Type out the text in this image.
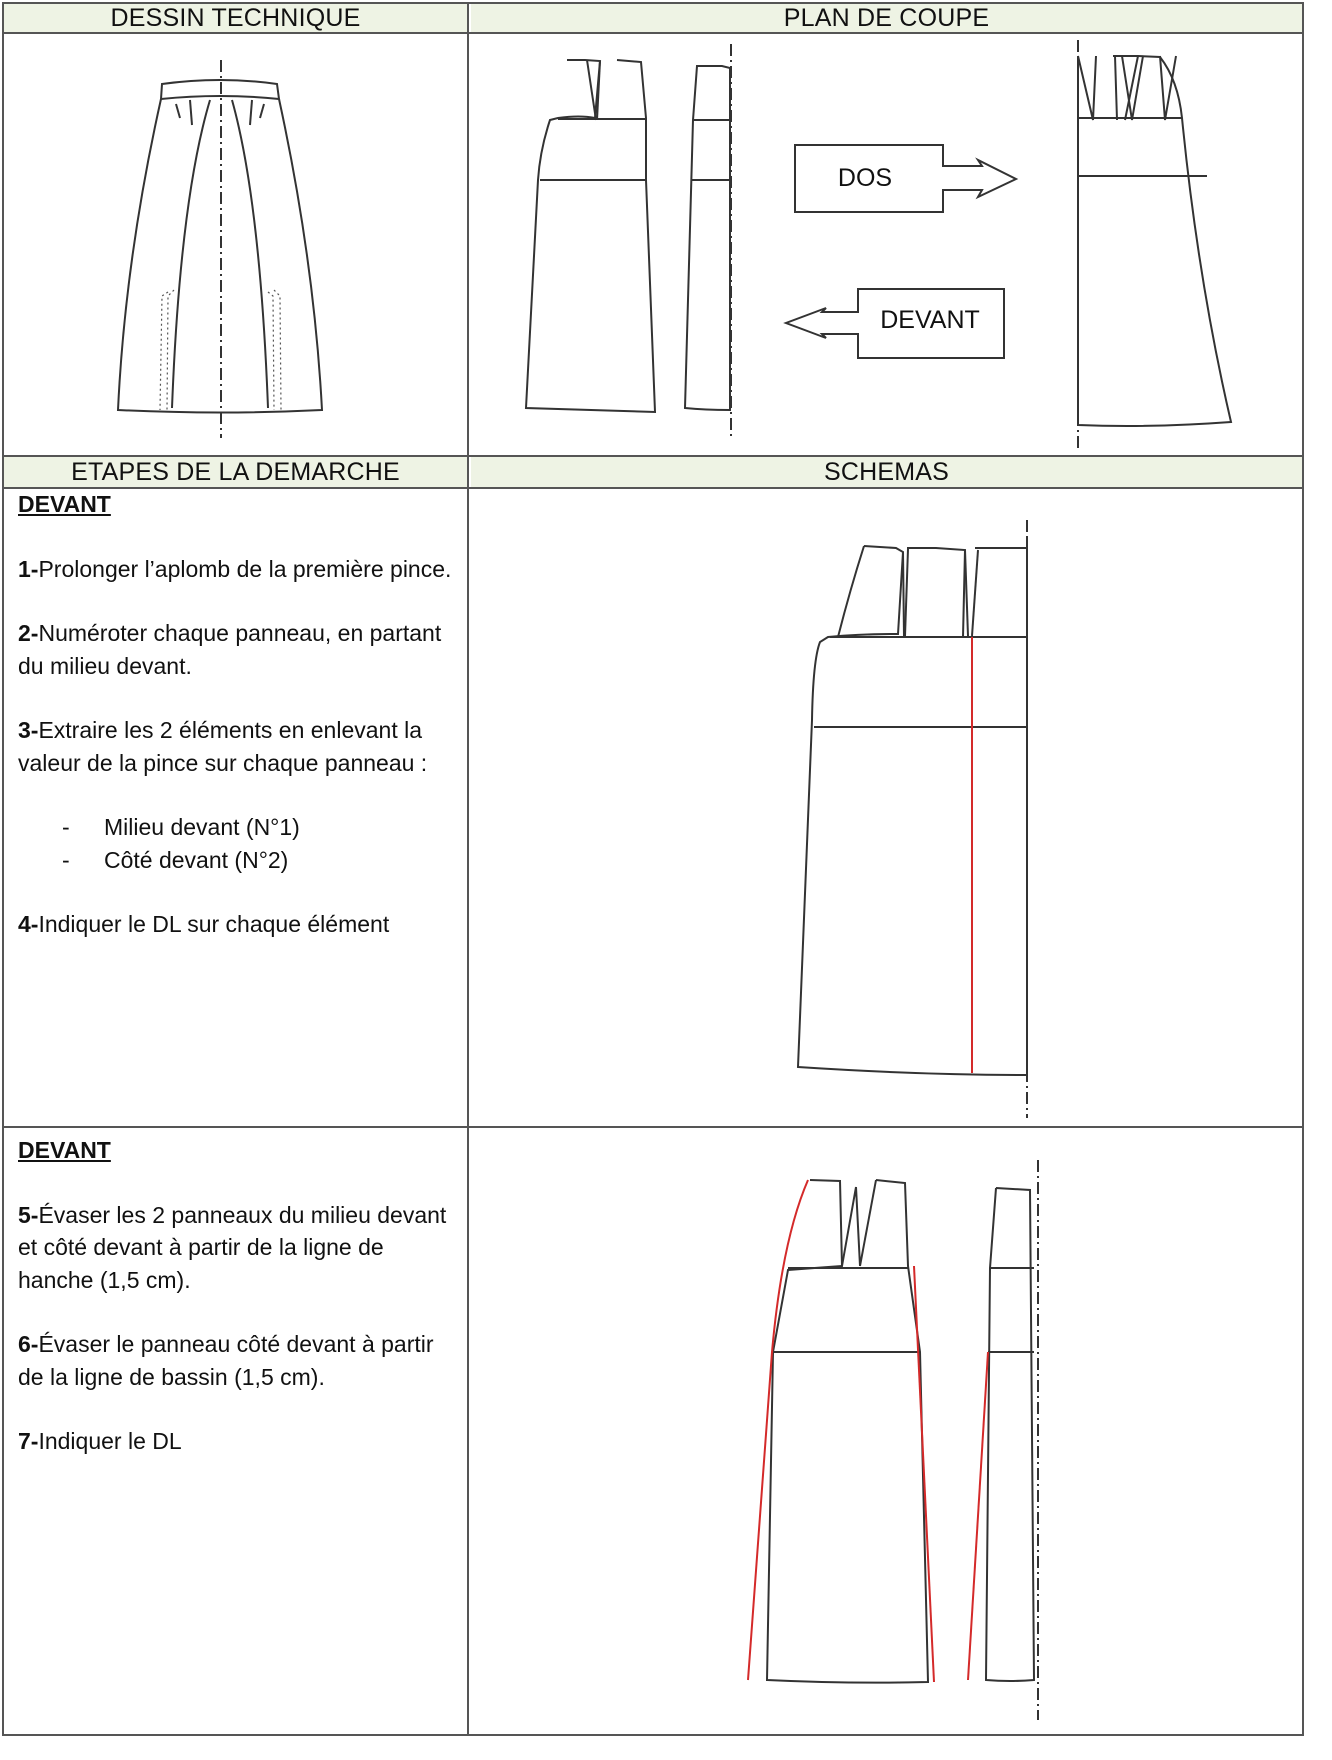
DESSIN TECHNIQUE	PLAN DE COUPE
ETAPES DE LA DEMARCHE	SCHEMAS
DOS
DEVANT

DEVANT

1-Prolonger l’aplomb de la première pince.

2-Numéroter chaque panneau, en partant du milieu devant.

3-Extraire les 2 éléments en enlevant la valeur de la pince sur chaque panneau :

- Milieu devant (N°1)

- Côté devant (N°2)

4-Indiquer le DL sur chaque élément

DEVANT

5-Évaser les 2 panneaux du milieu devant et côté devant à partir de la ligne de hanche (1,5 cm).

6-Évaser le panneau côté devant à partir de la ligne de bassin (1,5 cm).

7-Indiquer le DL
